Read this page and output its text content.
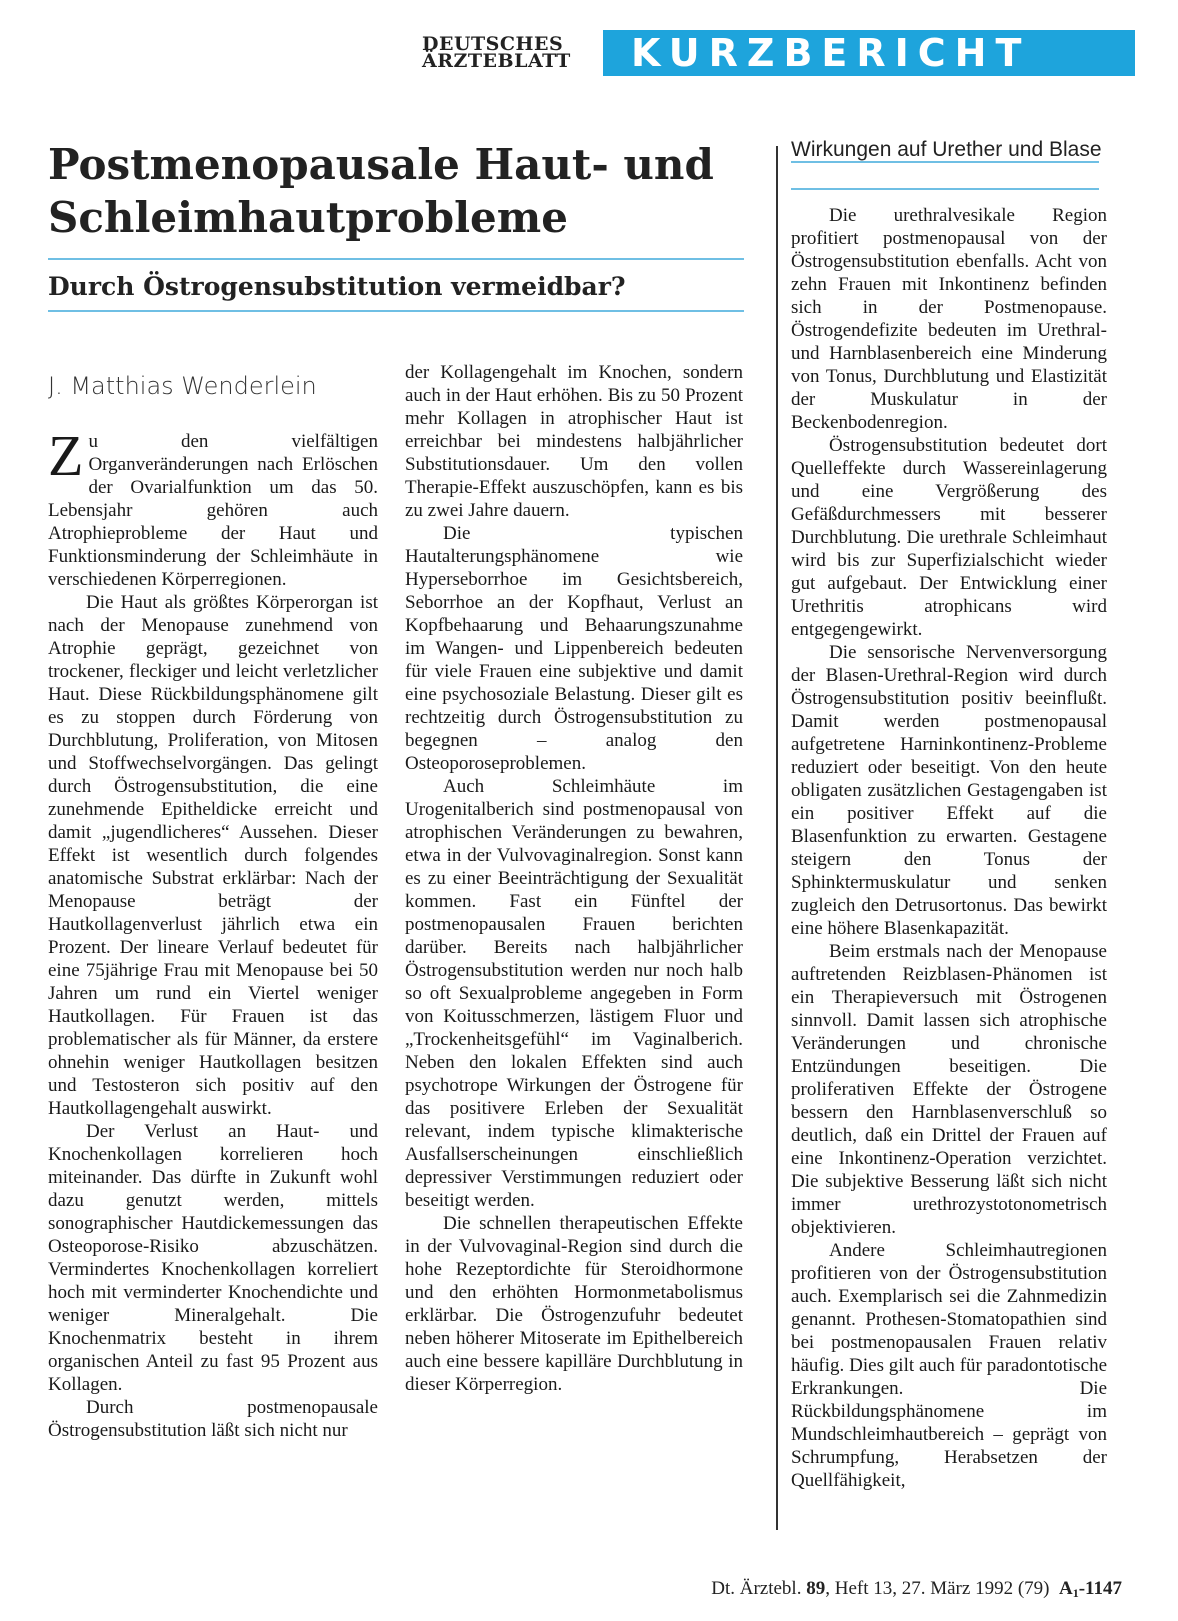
DEUTSCHES
ÄRZTEBLATT	KURZBERICHT
Postmenopausale Haut- und Schleimhautprobleme
Durch Östrogensubstitution vermeidbar?
J. Matthias Wenderlein

Zu den vielfältigen Organveränderungen nach Erlöschen der Ovarialfunktion um das 50. Lebensjahr gehören auch Atrophieprobleme der Haut und Funktionsminderung der Schleimhäute in verschiedenen Körperregionen.

Die Haut als größtes Körperorgan ist nach der Menopause zunehmend von Atrophie geprägt, gezeichnet von trockener, fleckiger und leicht verletzlicher Haut. Diese Rückbildungsphänomene gilt es zu stoppen durch Förderung von Durchblutung, Proliferation, von Mitosen und Stoffwechselvorgängen. Das gelingt durch Östrogensubstitution, die eine zunehmende Epitheldicke erreicht und damit „jugendlicheres“ Aussehen. Dieser Effekt ist wesentlich durch folgendes anatomische Substrat erklärbar: Nach der Menopause beträgt der Hautkollagenverlust jährlich etwa ein Prozent. Der lineare Verlauf bedeutet für eine 75jährige Frau mit Menopause bei 50 Jahren um rund ein Viertel weniger Hautkollagen. Für Frauen ist das problematischer als für Männer, da erstere ohnehin weniger Hautkollagen besitzen und Testosteron sich positiv auf den Hautkollagengehalt auswirkt.

Der Verlust an Haut- und Knochenkollagen korrelieren hoch miteinander. Das dürfte in Zukunft wohl dazu genutzt werden, mittels sonographischer Hautdickemessungen das Osteoporose-Risiko abzuschätzen. Vermindertes Knochenkollagen korreliert hoch mit verminderter Knochendichte und weniger Mineralgehalt. Die Knochenmatrix besteht in ihrem organischen Anteil zu fast 95 Prozent aus Kollagen.

Durch postmenopausale Östrogensubstitution läßt sich nicht nur

der Kollagengehalt im Knochen, sondern auch in der Haut erhöhen. Bis zu 50 Prozent mehr Kollagen in atrophischer Haut ist erreichbar bei mindestens halbjährlicher Substitutionsdauer. Um den vollen Therapie-Effekt auszuschöpfen, kann es bis zu zwei Jahre dauern.

Die typischen Hautalterungsphänomene wie Hyperseborrhoe im Gesichtsbereich, Seborrhoe an der Kopfhaut, Verlust an Kopfbehaarung und Behaarungszunahme im Wangen- und Lippenbereich bedeuten für viele Frauen eine subjektive und damit eine psychosoziale Belastung. Dieser gilt es rechtzeitig durch Östrogensubstitution zu begegnen – analog den Osteoporoseproblemen.

Auch Schleimhäute im Urogenitalberich sind postmenopausal von atrophischen Veränderungen zu bewahren, etwa in der Vulvovaginalregion. Sonst kann es zu einer Beeinträchtigung der Sexualität kommen. Fast ein Fünftel der postmenopausalen Frauen berichten darüber. Bereits nach halbjährlicher Östrogensubstitution werden nur noch halb so oft Sexualprobleme angegeben in Form von Koitusschmerzen, lästigem Fluor und „Trockenheitsgefühl“ im Vaginalberich. Neben den lokalen Effekten sind auch psychotrope Wirkungen der Östrogene für das positivere Erleben der Sexualität relevant, indem typische klimakterische Ausfallserscheinungen einschließlich depressiver Verstimmungen reduziert oder beseitigt werden.

Die schnellen therapeutischen Effekte in der Vulvovaginal-Region sind durch die hohe Rezeptordichte für Steroidhormone und den erhöhten Hormonmetabolismus erklärbar. Die Östrogenzufuhr bedeutet neben höherer Mitoserate im Epithelbereich auch eine bessere kapilläre Durchblutung in dieser Körperregion.

Wirkungen auf Urether und Blase

Die urethralvesikale Region profitiert postmenopausal von der Östrogensubstitution ebenfalls. Acht von zehn Frauen mit Inkontinenz befinden sich in der Postmenopause. Östrogendefizite bedeuten im Urethral- und Harnblasenbereich eine Minderung von Tonus, Durchblutung und Elastizität der Muskulatur in der Beckenbodenregion.

Östrogensubstitution bedeutet dort Quelleffekte durch Wassereinlagerung und eine Vergrößerung des Gefäßdurchmessers mit besserer Durchblutung. Die urethrale Schleimhaut wird bis zur Superfizialschicht wieder gut aufgebaut. Der Entwicklung einer Urethritis atrophicans wird entgegengewirkt.

Die sensorische Nervenversorgung der Blasen-Urethral-Region wird durch Östrogensubstitution positiv beeinflußt. Damit werden postmenopausal aufgetretene Harninkontinenz-Probleme reduziert oder beseitigt. Von den heute obligaten zusätzlichen Gestagengaben ist ein positiver Effekt auf die Blasenfunktion zu erwarten. Gestagene steigern den Tonus der Sphinktermuskulatur und senken zugleich den Detrusortonus. Das bewirkt eine höhere Blasenkapazität.

Beim erstmals nach der Menopause auftretenden Reizblasen-Phänomen ist ein Therapieversuch mit Östrogenen sinnvoll. Damit lassen sich atrophische Veränderungen und chronische Entzündungen beseitigen. Die proliferativen Effekte der Östrogene bessern den Harnblasenverschluß so deutlich, daß ein Drittel der Frauen auf eine Inkontinenz-Operation verzichtet. Die subjektive Besserung läßt sich nicht immer urethrozystotonometrisch objektivieren.

Andere Schleimhautregionen profitieren von der Östrogensubstitution auch. Exemplarisch sei die Zahnmedizin genannt. Prothesen-Stomatopathien sind bei postmenopausalen Frauen relativ häufig. Dies gilt auch für paradontotische Erkrankungen. Die Rückbildungsphänomene im Mundschleimhautbereich – geprägt von Schrumpfung, Herabsetzen der Quellfähigkeit,

Dt. Ärztebl. 89, Heft 13, 27. März 1992 (79) $A_1-1147$
